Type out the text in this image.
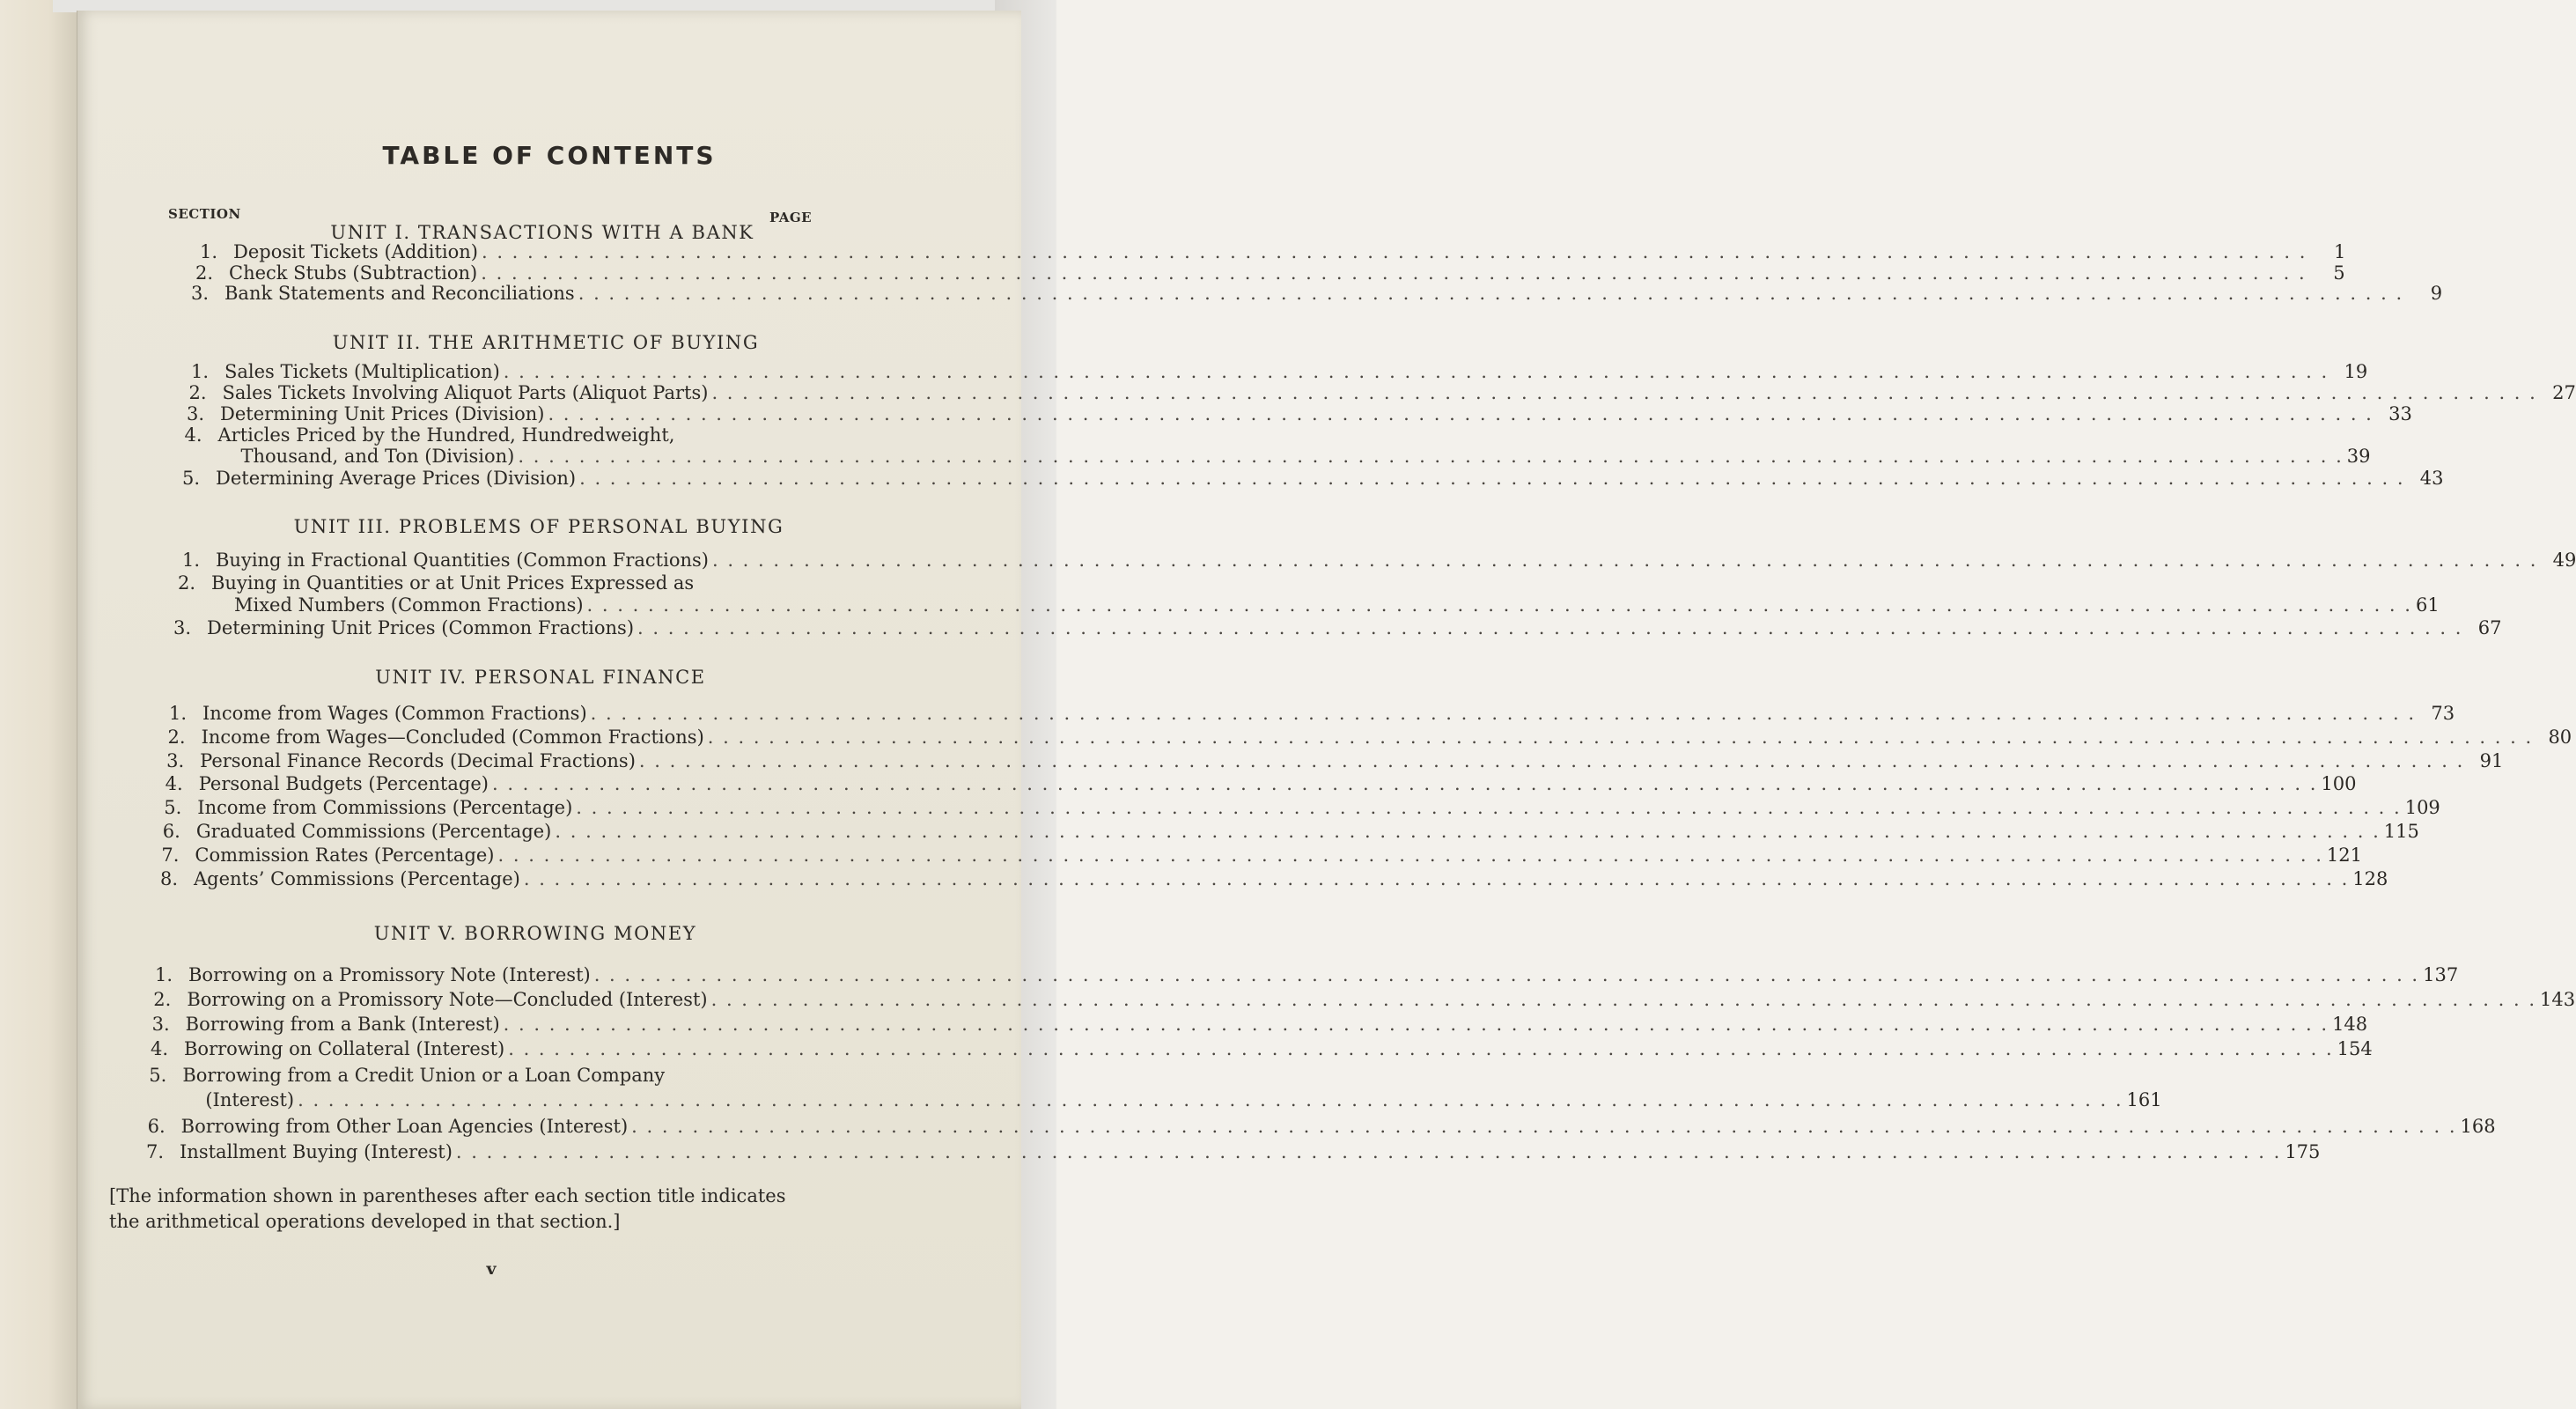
TABLE OF CONTENTS
SECTION	PAGE
[The information shown in parentheses after each section title indicates
the arithmetical operations developed in that section.]
v
UNIT I. TRANSACTIONS WITH A BANK
1. Deposit Tickets (Addition) . . . . . . . . . . . . . . . . . . . . . . . . . . . . . . . . . . . . . . . . . . . . . . . . . . . . . . . . . . . . . . . . . . . . . . . . . . . . . . . . . . . . . . . . . . . . . . . . . . . . . . . . . . . . . . . . . . . . . . . .	1
2. Check Stubs (Subtraction) . . . . . . . . . . . . . . . . . . . . . . . . . . . . . . . . . . . . . . . . . . . . . . . . . . . . . . . . . . . . . . . . . . . . . . . . . . . . . . . . . . . . . . . . . . . . . . . . . . . . . . . . . . . . . . . . . . . . . . . .	5
3. Bank Statements and Reconciliations . . . . . . . . . . . . . . . . . . . . . . . . . . . . . . . . . . . . . . . . . . . . . . . . . . . . . . . . . . . . . . . . . . . . . . . . . . . . . . . . . . . . . . . . . . . . . . . . . . . . . . . . . . . . . . . . . . . . . . . .	9
UNIT II. THE ARITHMETIC OF BUYING
1. Sales Tickets (Multiplication) . . . . . . . . . . . . . . . . . . . . . . . . . . . . . . . . . . . . . . . . . . . . . . . . . . . . . . . . . . . . . . . . . . . . . . . . . . . . . . . . . . . . . . . . . . . . . . . . . . . . . . . . . . . . . . . . . . . . . . . . 19
2. Sales Tickets Involving Aliquot Parts (Aliquot Parts) . . . . . . . . . . . . . . . . . . . . . . . . . . . . . . . . . . . . . . . . . . . . . . . . . . . . . . . . . . . . . . . . . . . . . . . . . . . . . . . . . . . . . . . . . . . . . . . . . . . . . . . . . . . . . . . . . . . . . . . . 27
3. Determining Unit Prices (Division) . . . . . . . . . . . . . . . . . . . . . . . . . . . . . . . . . . . . . . . . . . . . . . . . . . . . . . . . . . . . . . . . . . . . . . . . . . . . . . . . . . . . . . . . . . . . . . . . . . . . . . . . . . . . . . . . . . . . . . . . 33
4. Articles Priced by the Hundred, Hundredweight,
Thousand, and Ton (Division) . . . . . . . . . . . . . . . . . . . . . . . . . . . . . . . . . . . . . . . . . . . . . . . . . . . . . . . . . . . . . . . . . . . . . . . . . . . . . . . . . . . . . . . . . . . . . . . . . . . . . . . . . . . . . . . . . . . . . . . . 39
5. Determining Average Prices (Division) . . . . . . . . . . . . . . . . . . . . . . . . . . . . . . . . . . . . . . . . . . . . . . . . . . . . . . . . . . . . . . . . . . . . . . . . . . . . . . . . . . . . . . . . . . . . . . . . . . . . . . . . . . . . . . . . . . . . . . . . 43
UNIT III. PROBLEMS OF PERSONAL BUYING
1. Buying in Fractional Quantities (Common Fractions) . . . . . . . . . . . . . . . . . . . . . . . . . . . . . . . . . . . . . . . . . . . . . . . . . . . . . . . . . . . . . . . . . . . . . . . . . . . . . . . . . . . . . . . . . . . . . . . . . . . . . . . . . . . . . . . . . . . . . . . . 49
2. Buying in Quantities or at Unit Prices Expressed as
Mixed Numbers (Common Fractions) . . . . . . . . . . . . . . . . . . . . . . . . . . . . . . . . . . . . . . . . . . . . . . . . . . . . . . . . . . . . . . . . . . . . . . . . . . . . . . . . . . . . . . . . . . . . . . . . . . . . . . . . . . . . . . . . . . . . . . . . 61
3. Determining Unit Prices (Common Fractions) . . . . . . . . . . . . . . . . . . . . . . . . . . . . . . . . . . . . . . . . . . . . . . . . . . . . . . . . . . . . . . . . . . . . . . . . . . . . . . . . . . . . . . . . . . . . . . . . . . . . . . . . . . . . . . . . . . . . . . . . 67
UNIT IV. PERSONAL FINANCE
1. Income from Wages (Common Fractions) . . . . . . . . . . . . . . . . . . . . . . . . . . . . . . . . . . . . . . . . . . . . . . . . . . . . . . . . . . . . . . . . . . . . . . . . . . . . . . . . . . . . . . . . . . . . . . . . . . . . . . . . . . . . . . . . . . . . . . . . 73
2. Income from Wages—Concluded (Common Fractions) . . . . . . . . . . . . . . . . . . . . . . . . . . . . . . . . . . . . . . . . . . . . . . . . . . . . . . . . . . . . . . . . . . . . . . . . . . . . . . . . . . . . . . . . . . . . . . . . . . . . . . . . . . . . . . . . . . . . . . . . 80
3. Personal Finance Records (Decimal Fractions) . . . . . . . . . . . . . . . . . . . . . . . . . . . . . . . . . . . . . . . . . . . . . . . . . . . . . . . . . . . . . . . . . . . . . . . . . . . . . . . . . . . . . . . . . . . . . . . . . . . . . . . . . . . . . . . . . . . . . . . . 91
4. Personal Budgets (Percentage) . . . . . . . . . . . . . . . . . . . . . . . . . . . . . . . . . . . . . . . . . . . . . . . . . . . . . . . . . . . . . . . . . . . . . . . . . . . . . . . . . . . . . . . . . . . . . . . . . . . . . . . . . . . . . . . . . . . . . . . . 100
5. Income from Commissions (Percentage) . . . . . . . . . . . . . . . . . . . . . . . . . . . . . . . . . . . . . . . . . . . . . . . . . . . . . . . . . . . . . . . . . . . . . . . . . . . . . . . . . . . . . . . . . . . . . . . . . . . . . . . . . . . . . . . . . . . . . . . . 109
6. Graduated Commissions (Percentage) . . . . . . . . . . . . . . . . . . . . . . . . . . . . . . . . . . . . . . . . . . . . . . . . . . . . . . . . . . . . . . . . . . . . . . . . . . . . . . . . . . . . . . . . . . . . . . . . . . . . . . . . . . . . . . . . . . . . . . . . 115
7. Commission Rates (Percentage) . . . . . . . . . . . . . . . . . . . . . . . . . . . . . . . . . . . . . . . . . . . . . . . . . . . . . . . . . . . . . . . . . . . . . . . . . . . . . . . . . . . . . . . . . . . . . . . . . . . . . . . . . . . . . . . . . . . . . . . . 121
8. Agents’ Commissions (Percentage) . . . . . . . . . . . . . . . . . . . . . . . . . . . . . . . . . . . . . . . . . . . . . . . . . . . . . . . . . . . . . . . . . . . . . . . . . . . . . . . . . . . . . . . . . . . . . . . . . . . . . . . . . . . . . . . . . . . . . . . . 128
UNIT V. BORROWING MONEY
1. Borrowing on a Promissory Note (Interest) . . . . . . . . . . . . . . . . . . . . . . . . . . . . . . . . . . . . . . . . . . . . . . . . . . . . . . . . . . . . . . . . . . . . . . . . . . . . . . . . . . . . . . . . . . . . . . . . . . . . . . . . . . . . . . . . . . . . . . . . 137
2. Borrowing on a Promissory Note—Concluded (Interest) . . . . . . . . . . . . . . . . . . . . . . . . . . . . . . . . . . . . . . . . . . . . . . . . . . . . . . . . . . . . . . . . . . . . . . . . . . . . . . . . . . . . . . . . . . . . . . . . . . . . . . . . . . . . . . . . . . . . . . . . 143
3. Borrowing from a Bank (Interest) . . . . . . . . . . . . . . . . . . . . . . . . . . . . . . . . . . . . . . . . . . . . . . . . . . . . . . . . . . . . . . . . . . . . . . . . . . . . . . . . . . . . . . . . . . . . . . . . . . . . . . . . . . . . . . . . . . . . . . . . 148
4. Borrowing on Collateral (Interest) . . . . . . . . . . . . . . . . . . . . . . . . . . . . . . . . . . . . . . . . . . . . . . . . . . . . . . . . . . . . . . . . . . . . . . . . . . . . . . . . . . . . . . . . . . . . . . . . . . . . . . . . . . . . . . . . . . . . . . . . 154
5. Borrowing from a Credit Union or a Loan Company
(Interest) . . . . . . . . . . . . . . . . . . . . . . . . . . . . . . . . . . . . . . . . . . . . . . . . . . . . . . . . . . . . . . . . . . . . . . . . . . . . . . . . . . . . . . . . . . . . . . . . . . . . . . . . . . . . . . . . . . . . . . . . 161
6. Borrowing from Other Loan Agencies (Interest) . . . . . . . . . . . . . . . . . . . . . . . . . . . . . . . . . . . . . . . . . . . . . . . . . . . . . . . . . . . . . . . . . . . . . . . . . . . . . . . . . . . . . . . . . . . . . . . . . . . . . . . . . . . . . . . . . . . . . . . . 168
7. Installment Buying (Interest) . . . . . . . . . . . . . . . . . . . . . . . . . . . . . . . . . . . . . . . . . . . . . . . . . . . . . . . . . . . . . . . . . . . . . . . . . . . . . . . . . . . . . . . . . . . . . . . . . . . . . . . . . . . . . . . . . . . . . . . . 175
